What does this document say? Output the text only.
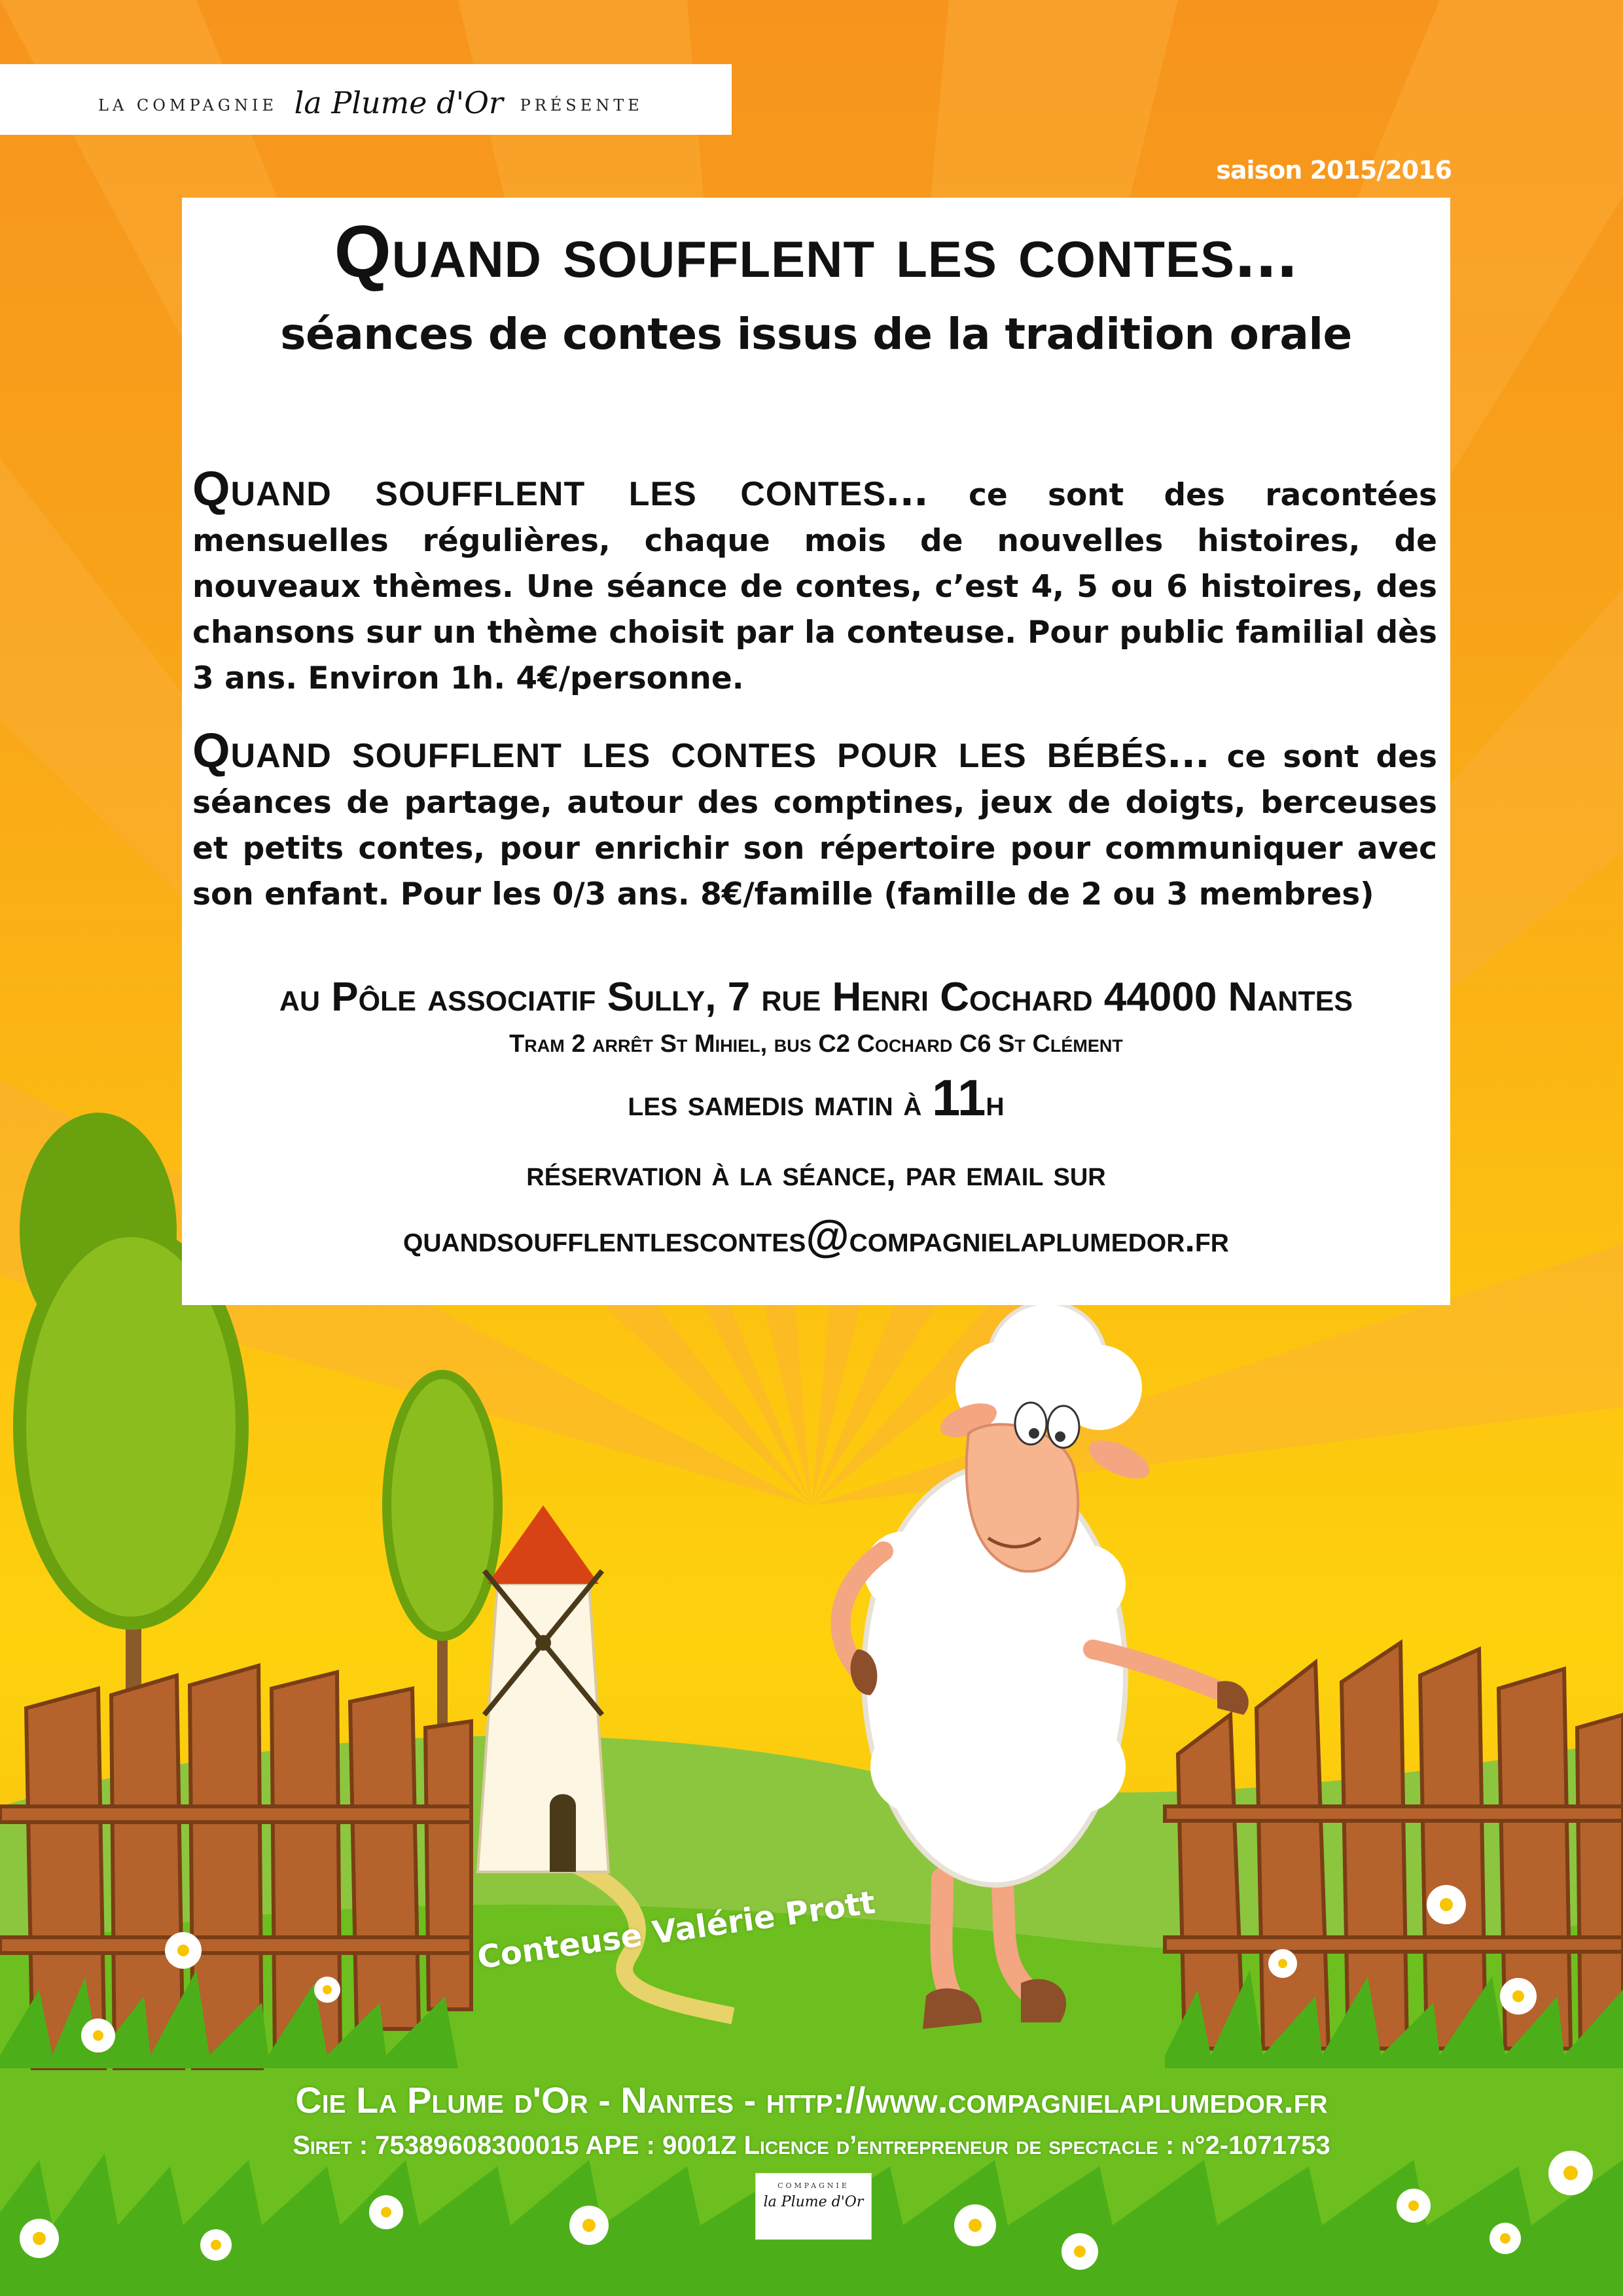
LA COMPAGNIE la Plume d'Or PRÉSENTE
saison 2015/2016
Quand soufflent les contes...
séances de contes issus de la tradition orale
Quand soufflent les contes... ce sont des racontées mensuelles régulières, chaque mois de nouvelles histoires, de nouveaux thèmes. Une séance de contes, c’est 4, 5 ou 6 histoires, des chansons sur un thème choisit par la conteuse. Pour public familial dès 3 ans. Environ 1h. 4€/personne.
Quand soufflent les contes pour les bébés... ce sont des séances de partage, autour des comptines, jeux de doigts, berceuses et petits contes, pour enrichir son répertoire pour communiquer avec son enfant. Pour les 0/3 ans. 8€/famille (famille de 2 ou 3 membres)
au Pôle associatif Sully, 7 rue Henri Cochard 44000 Nantes
Tram 2 arrêt St Mihiel, bus C2 Cochard C6 St Clément
les samedis matin à 11h
réservation à la séance, par email sur
quandsoufflentlescontes@compagnielaplumedor.fr
Conteuse Valérie Prott
Cie La Plume d'Or - Nantes - http://www.compagnielaplumedor.fr
Siret : 75389608300015 APE : 9001Z Licence d’entrepreneur de spectacle : n°2-1071753
COMPAGNIE
la Plume d'Or
